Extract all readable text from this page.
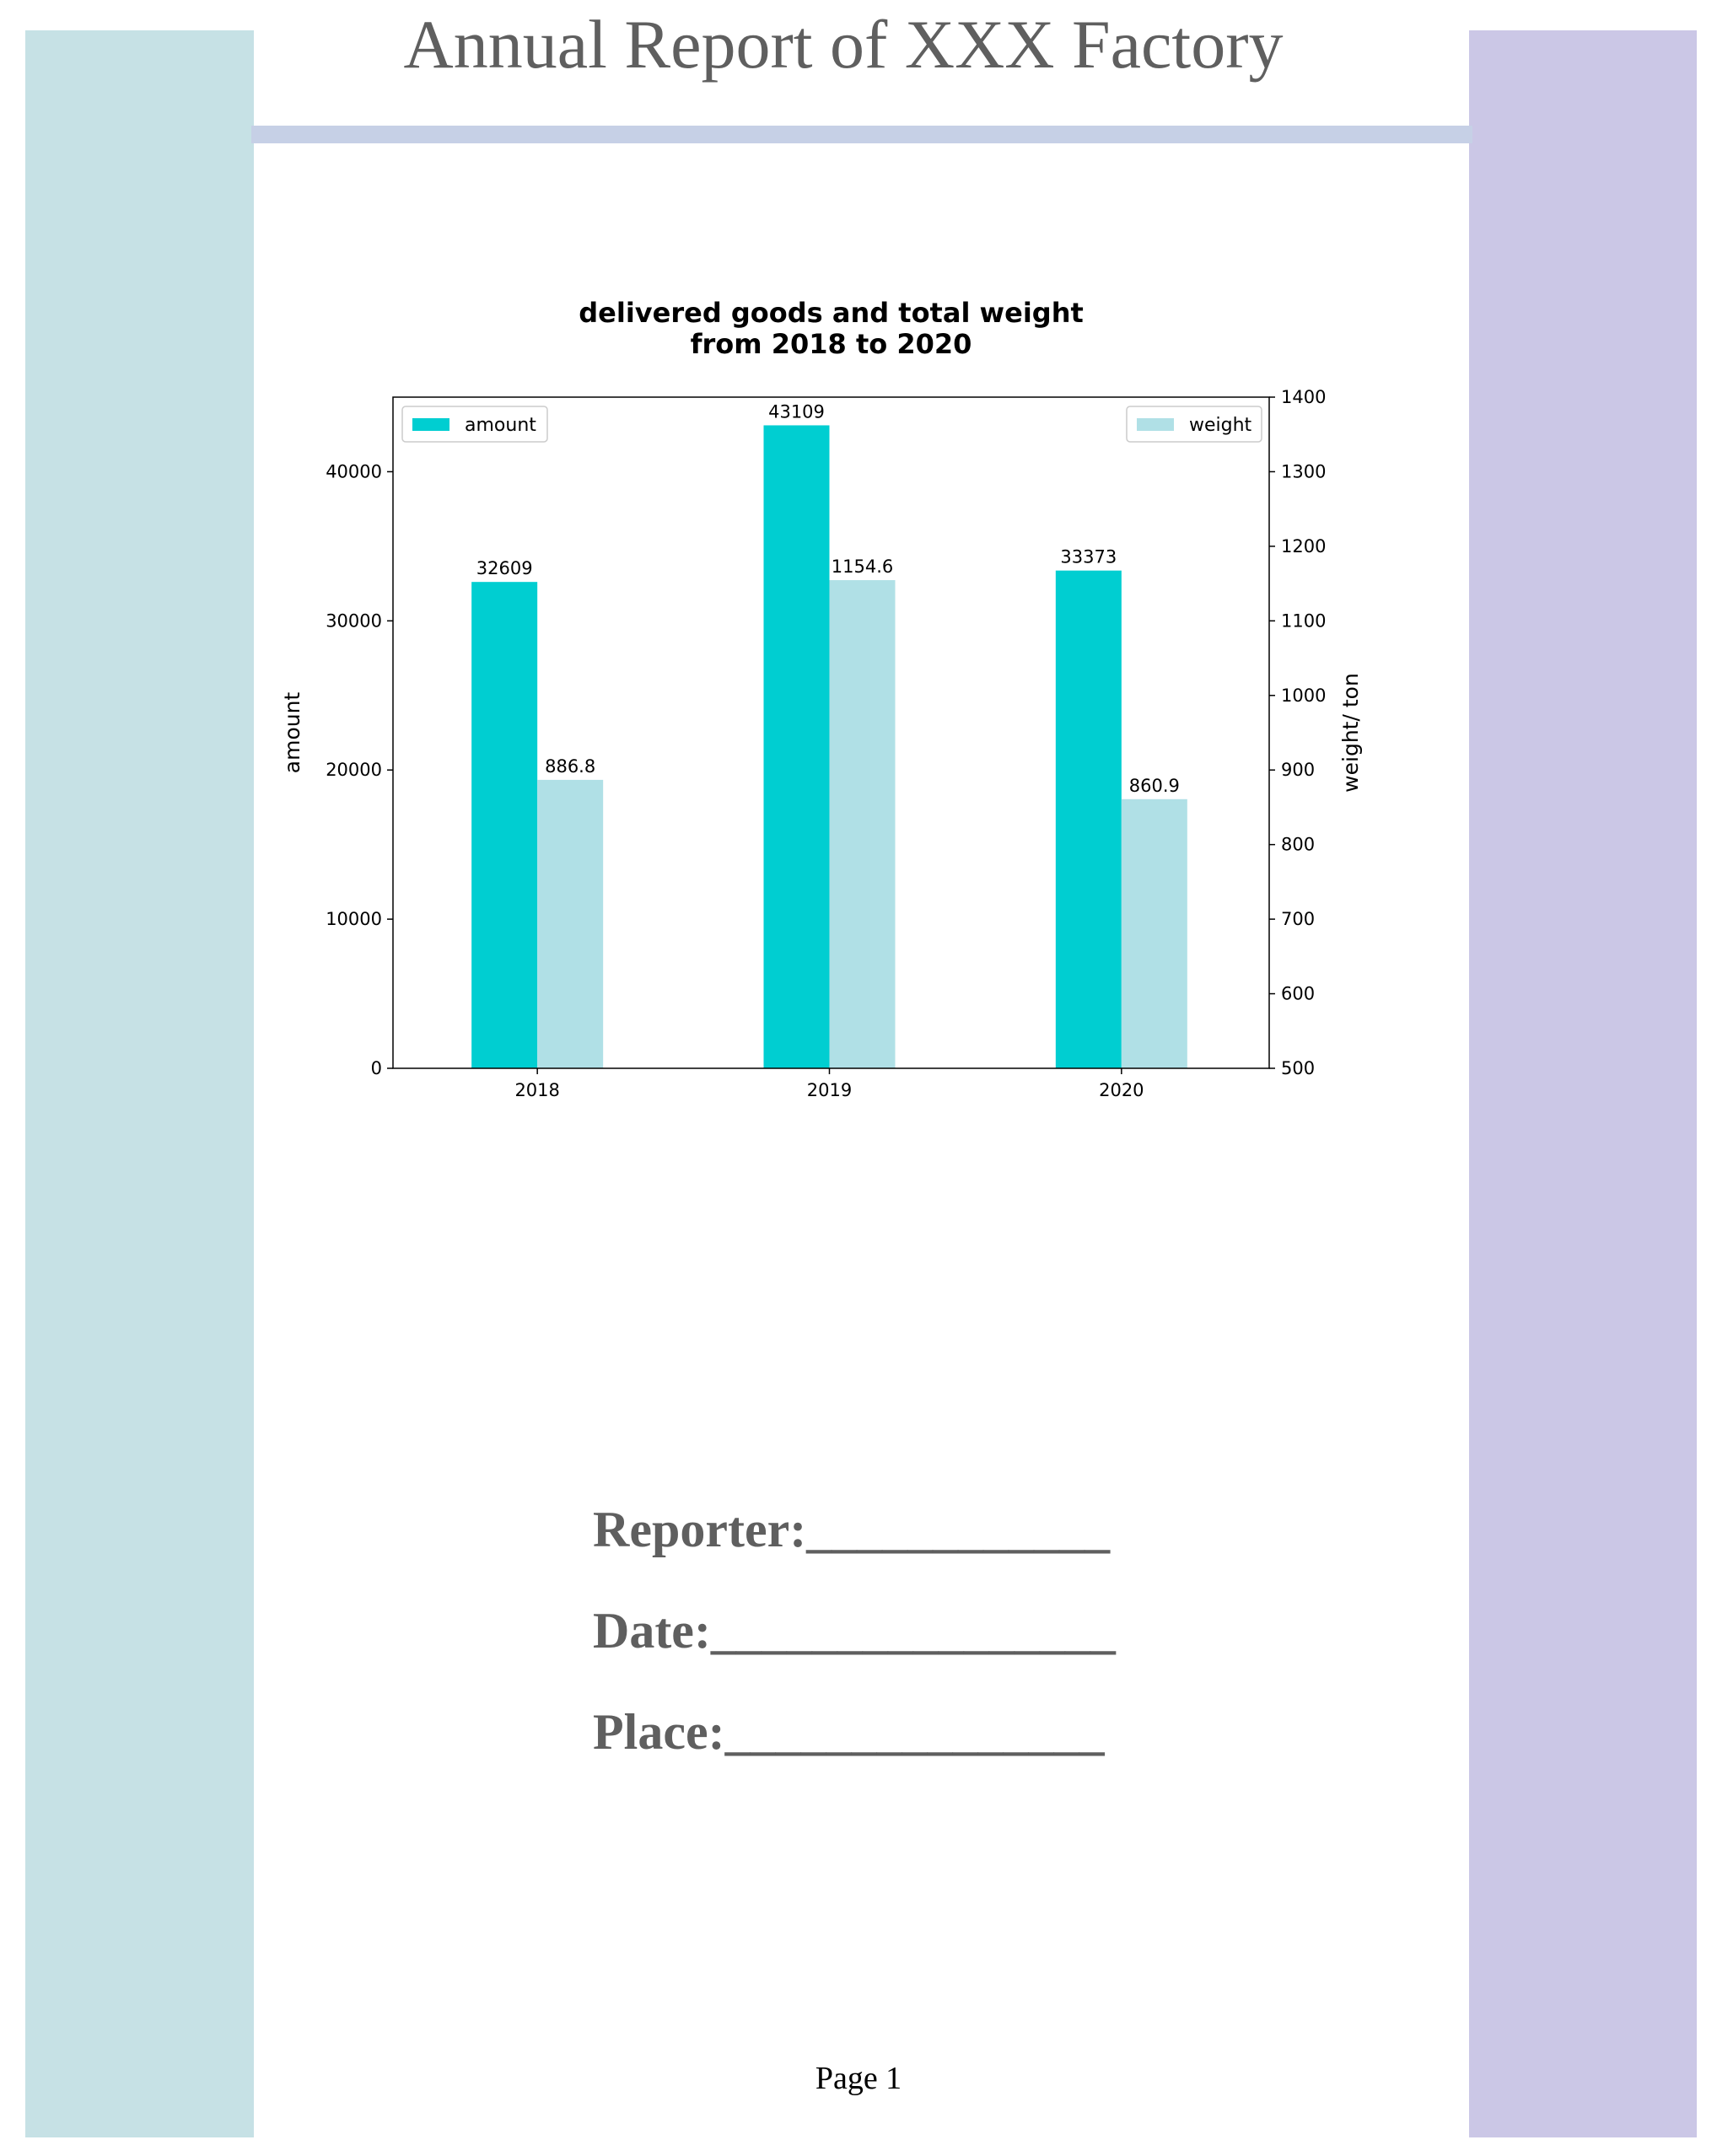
Annual Report of XXX Factory
delivered goods and total weight
from 2018 to 2020
32609
886.8
2018
43109
1154.6
2019
33373
860.9
2020
0
10000
20000
30000
40000
500
600
700
800
900
1000
1100
1200
1300
1400
amount	weight/ ton
amount	weight
Reporter:____________
Date:________________
Place:_______________
Page 1
